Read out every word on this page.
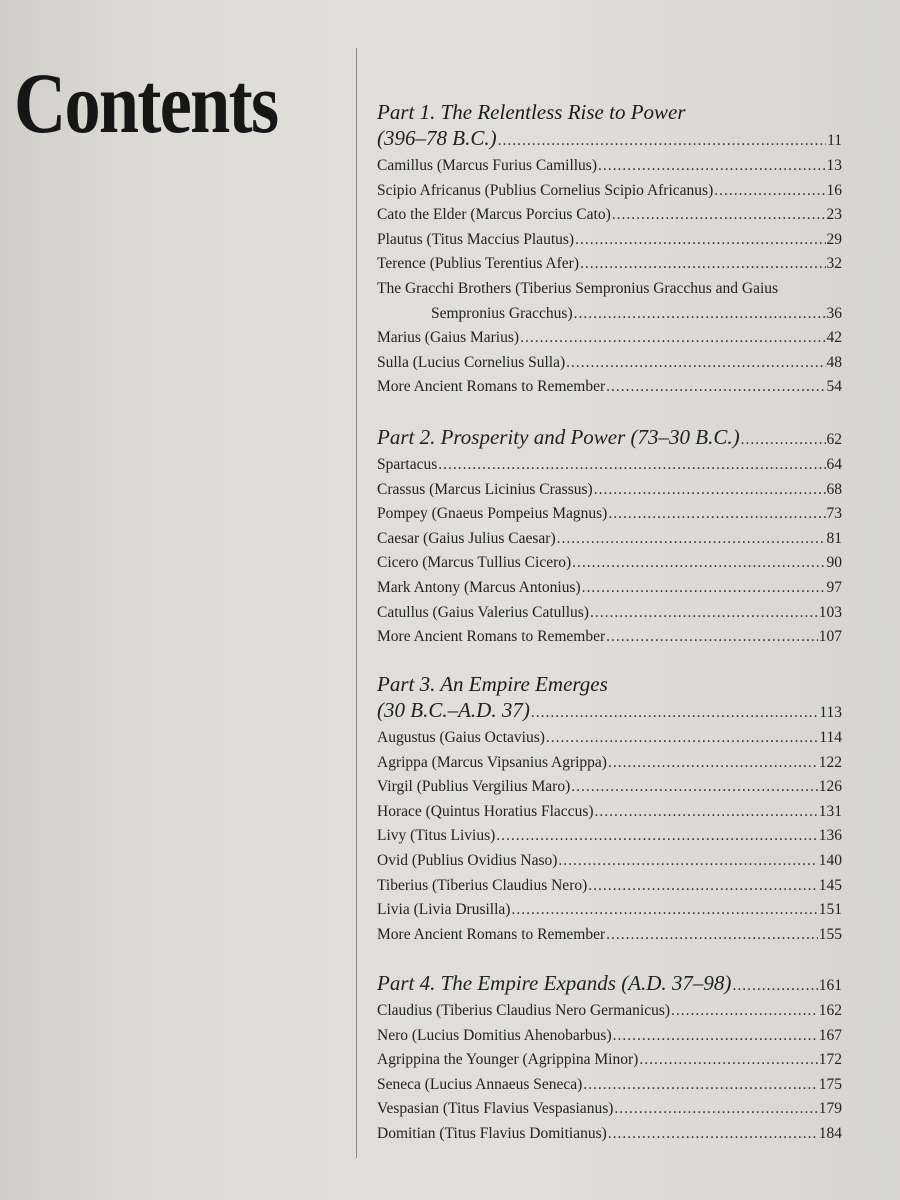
Contents	Part 1. The Relentless Rise to Power
(396–78 B.C.) .....	11
Camillus (Marcus Furius Camillus) .....	13
Scipio Africanus (Publius Cornelius Scipio Africanus) .....	16
Cato the Elder (Marcus Porcius Cato) .....	23
Plautus (Titus Maccius Plautus) .....	29
Terence (Publius Terentius Afer) .....	32
The Gracchi Brothers (Tiberius Sempronius Gracchus and Gaius
Sempronius Gracchus) .....	36
Marius (Gaius Marius) .....	42
Sulla (Lucius Cornelius Sulla) .....	48
More Ancient Romans to Remember .....	54
Part 2. Prosperity and Power (73–30 B.C.) .....	62
Spartacus .....	64
Crassus (Marcus Licinius Crassus) .....	68
Pompey (Gnaeus Pompeius Magnus) .....	73
Caesar (Gaius Julius Caesar) .....	81
Cicero (Marcus Tullius Cicero) .....	90
Mark Antony (Marcus Antonius) .....	97
Catullus (Gaius Valerius Catullus) .....	103
More Ancient Romans to Remember .....	107
Part 3. An Empire Emerges
(30 B.C.–A.D. 37) .....	113
Augustus (Gaius Octavius) .....	114
Agrippa (Marcus Vipsanius Agrippa) .....	122
Virgil (Publius Vergilius Maro) .....	126
Horace (Quintus Horatius Flaccus) .....	131
Livy (Titus Livius) .....	136
Ovid (Publius Ovidius Naso) .....	140
Tiberius (Tiberius Claudius Nero) .....	145
Livia (Livia Drusilla) .....	151
More Ancient Romans to Remember .....	155
Part 4. The Empire Expands (A.D. 37–98) .....	161
Claudius (Tiberius Claudius Nero Germanicus) .....	162
Nero (Lucius Domitius Ahenobarbus) .....	167
Agrippina the Younger (Agrippina Minor) .....	172
Seneca (Lucius Annaeus Seneca) .....	175
Vespasian (Titus Flavius Vespasianus) .....	179
Domitian (Titus Flavius Domitianus) .....	184
